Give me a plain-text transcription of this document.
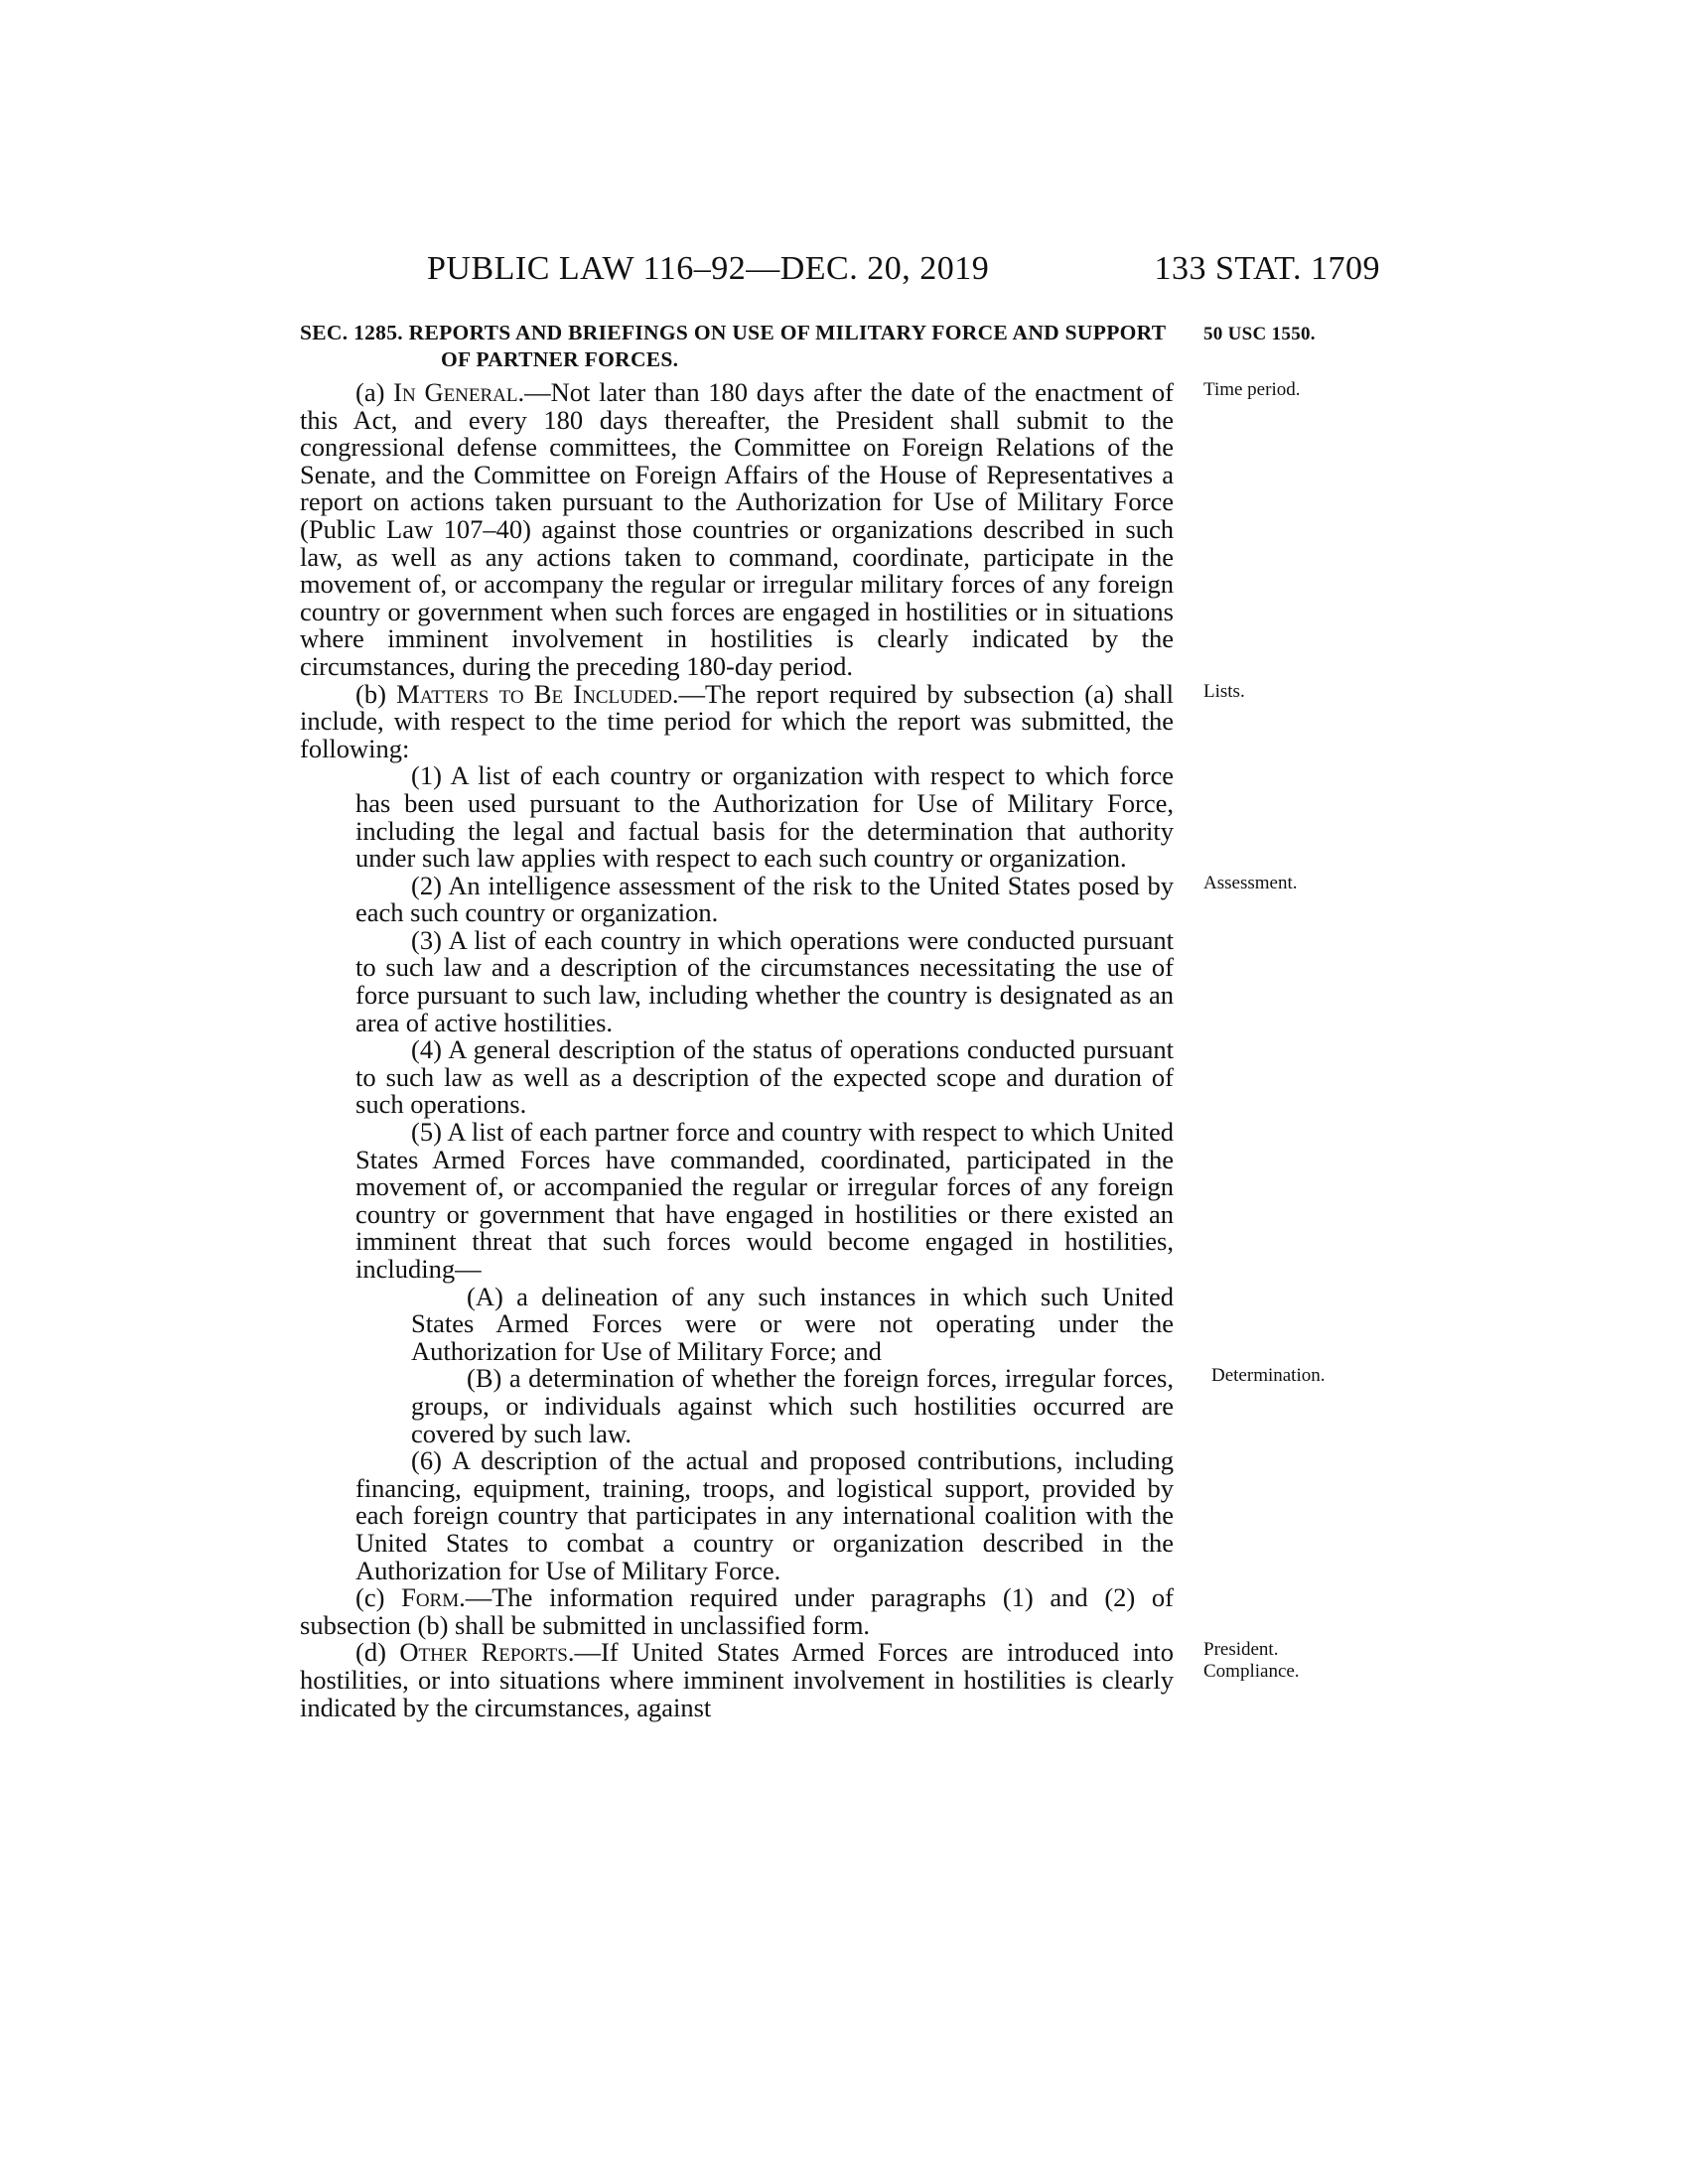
PUBLIC LAW 116–92—DEC. 20, 2019	133 STAT. 1709

SEC. 1285. REPORTS AND BRIEFINGS ON USE OF MILITARY FORCE AND SUPPORT OF PARTNER FORCES.
50 USC 1550.

(a) In General.—Not later than 180 days after the date of the enactment of this Act, and every 180 days thereafter, the President shall submit to the congressional defense committees, the Committee on Foreign Relations of the Senate, and the Committee on Foreign Affairs of the House of Representatives a report on actions taken pursuant to the Authorization for Use of Military Force (Public Law 107–40) against those countries or organizations described in such law, as well as any actions taken to command, coordinate, participate in the movement of, or accompany the regular or irregular military forces of any foreign country or government when such forces are engaged in hostilities or in situations where imminent involvement in hostilities is clearly indicated by the circumstances, during the preceding 180-day period.
Time period.

(b) Matters to Be Included.—The report required by subsection (a) shall include, with respect to the time period for which the report was submitted, the following:
Lists.

(1) A list of each country or organization with respect to which force has been used pursuant to the Authorization for Use of Military Force, including the legal and factual basis for the determination that authority under such law applies with respect to each such country or organization.

(2) An intelligence assessment of the risk to the United States posed by each such country or organization.
Assessment.

(3) A list of each country in which operations were conducted pursuant to such law and a description of the circumstances necessitating the use of force pursuant to such law, including whether the country is designated as an area of active hostilities.

(4) A general description of the status of operations conducted pursuant to such law as well as a description of the expected scope and duration of such operations.

(5) A list of each partner force and country with respect to which United States Armed Forces have commanded, coordinated, participated in the movement of, or accompanied the regular or irregular forces of any foreign country or government that have engaged in hostilities or there existed an imminent threat that such forces would become engaged in hostilities, including—

(A) a delineation of any such instances in which such United States Armed Forces were or were not operating under the Authorization for Use of Military Force; and

(B) a determination of whether the foreign forces, irregular forces, groups, or individuals against which such hostilities occurred are covered by such law.
Determination.

(6) A description of the actual and proposed contributions, including financing, equipment, training, troops, and logistical support, provided by each foreign country that participates in any international coalition with the United States to combat a country or organization described in the Authorization for Use of Military Force.

(c) Form.—The information required under paragraphs (1) and (2) of subsection (b) shall be submitted in unclassified form.

(d) Other Reports.—If United States Armed Forces are introduced into hostilities, or into situations where imminent involvement in hostilities is clearly indicated by the circumstances, against
President.
Compliance.
